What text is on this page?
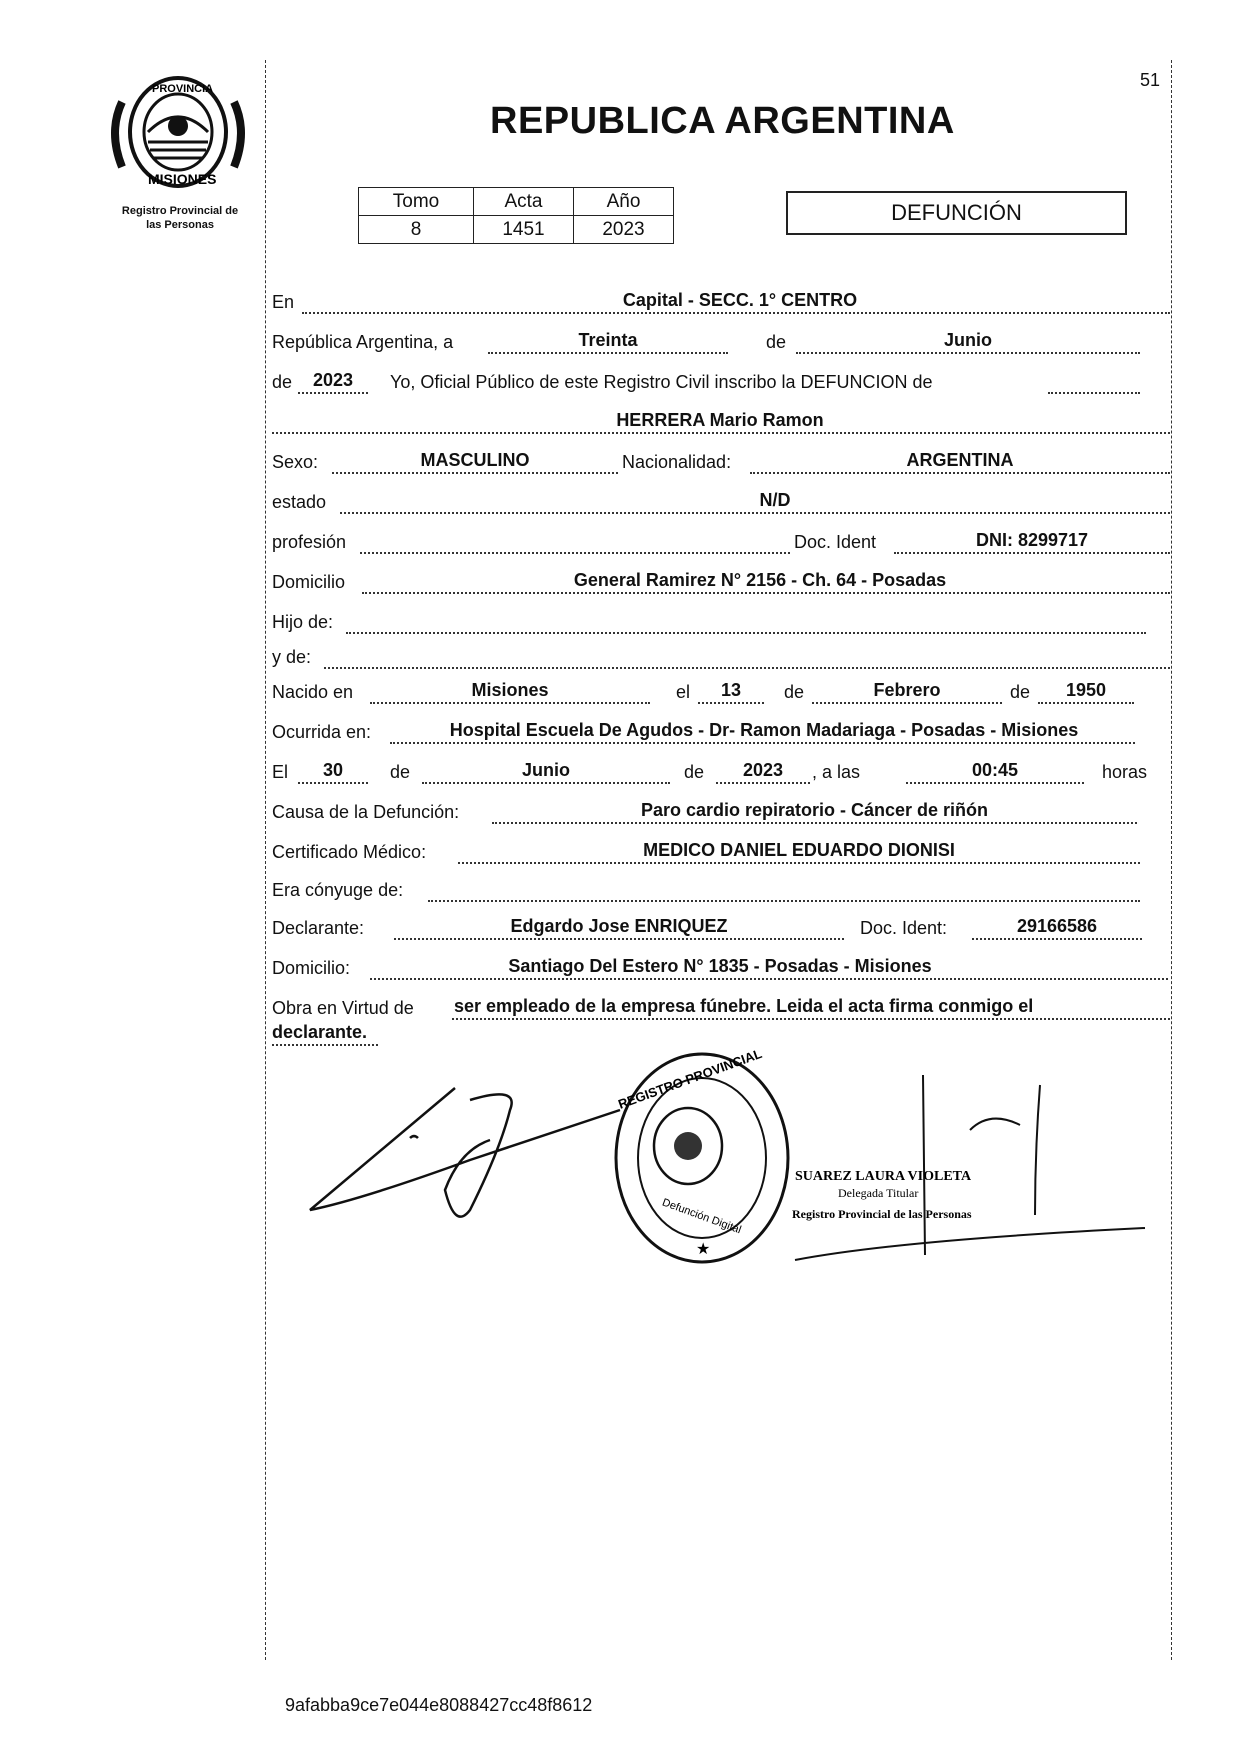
PROVINCIA
MISIONES
Registro Provincial de
las Personas
51
REPUBLICA ARGENTINA
Tomo	Acta	Año
8	1451	2023
DEFUNCIÓN
En	Capital - SECC. 1° CENTRO
República Argentina, a	Treinta	de	Junio
de	2023	Yo, Oficial Público de este Registro Civil inscribo la DEFUNCION de
HERRERA Mario Ramon
Sexo:	MASCULINO	Nacionalidad:	ARGENTINA
estado	N/D
profesión	Doc. Ident	DNI: 8299717
Domicilio	General Ramirez N° 2156 - Ch. 64 - Posadas
Hijo de:
y de:
Nacido en	Misiones	el	13	de	Febrero	de	1950
Ocurrida en:	Hospital Escuela De Agudos - Dr- Ramon Madariaga - Posadas - Misiones
El	30	de	Junio	de	2023	, a las	00:45	horas
Causa de la Defunción:	Paro cardio repiratorio - Cáncer de riñón
Certificado Médico:	MEDICO DANIEL EDUARDO DIONISI
Era cónyuge de:
Declarante:	Edgardo Jose ENRIQUEZ	Doc. Ident:	29166586
Domicilio:	Santiago Del Estero N° 1835 - Posadas - Misiones
Obra en Virtud de ser empleado de la empresa fúnebre. Leida el acta firma conmigo el
declarante.
REGISTRO PROVINCIAL
Defunción Digital
★
SUAREZ LAURA VIOLETA
Delegada Titular
Registro Provincial de las Personas
9afabba9ce7e044e8088427cc48f8612
